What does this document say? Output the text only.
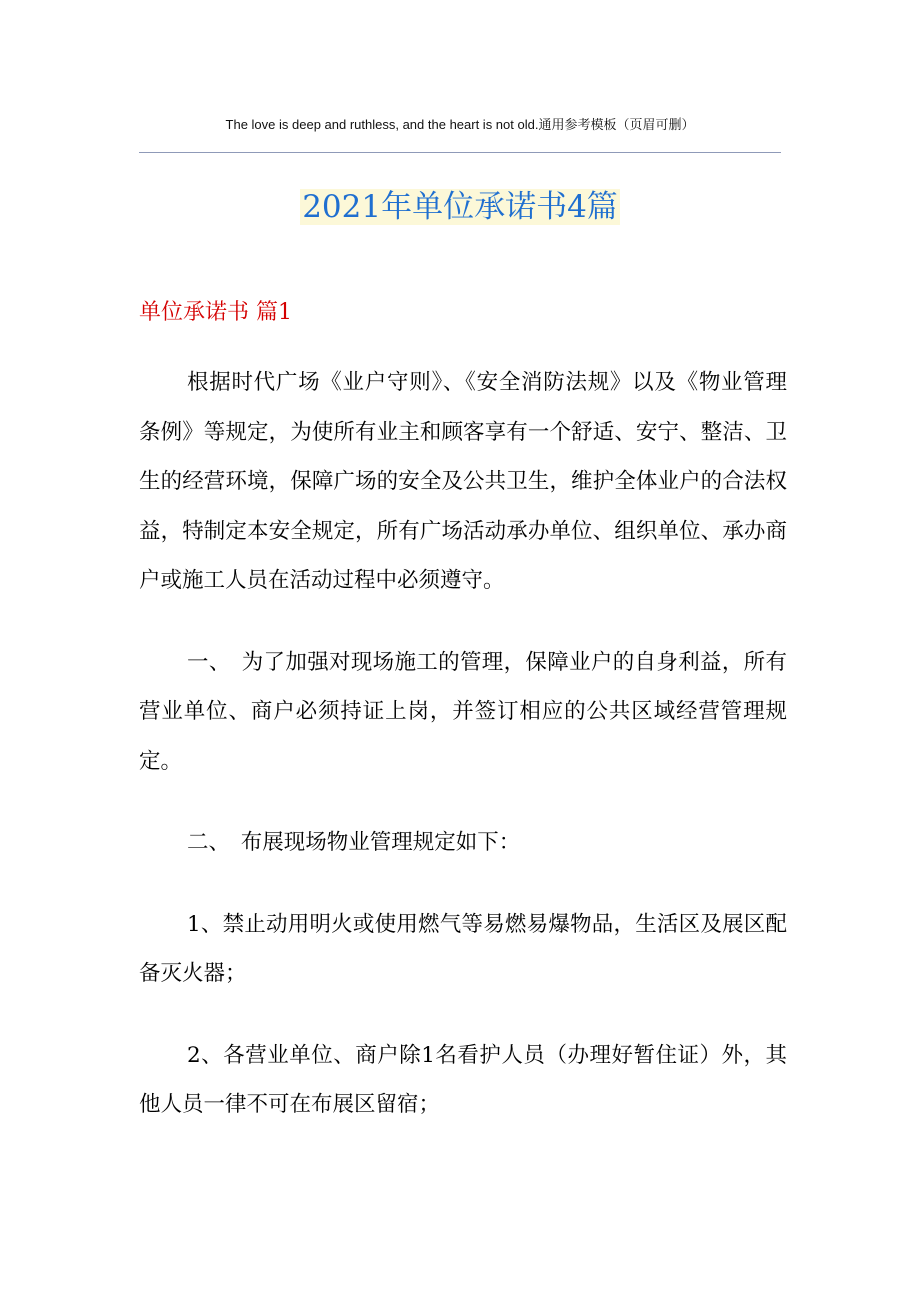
The love is deep and ruthless, and the heart is not old.通用参考模板（页眉可删）
2021年单位承诺书4篇
单位承诺书 篇1

根据时代广场《业户守则》、《安全消防法规》以及《物业管理条例》等规定，为使所有业主和顾客享有一个舒适、安宁、整洁、卫生的经营环境，保障广场的安全及公共卫生，维护全体业户的合法权益，特制定本安全规定，所有广场活动承办单位、组织单位、承办商户或施工人员在活动过程中必须遵守。

一、　为了加强对现场施工的管理，保障业户的自身利益，所有营业单位、商户必须持证上岗，并签订相应的公共区域经营管理规定。

二、　布展现场物业管理规定如下：

1、禁止动用明火或使用燃气等易燃易爆物品，生活区及展区配备灭火器；

2、各营业单位、商户除1名看护人员（办理好暂住证）外，其他人员一律不可在布展区留宿；
